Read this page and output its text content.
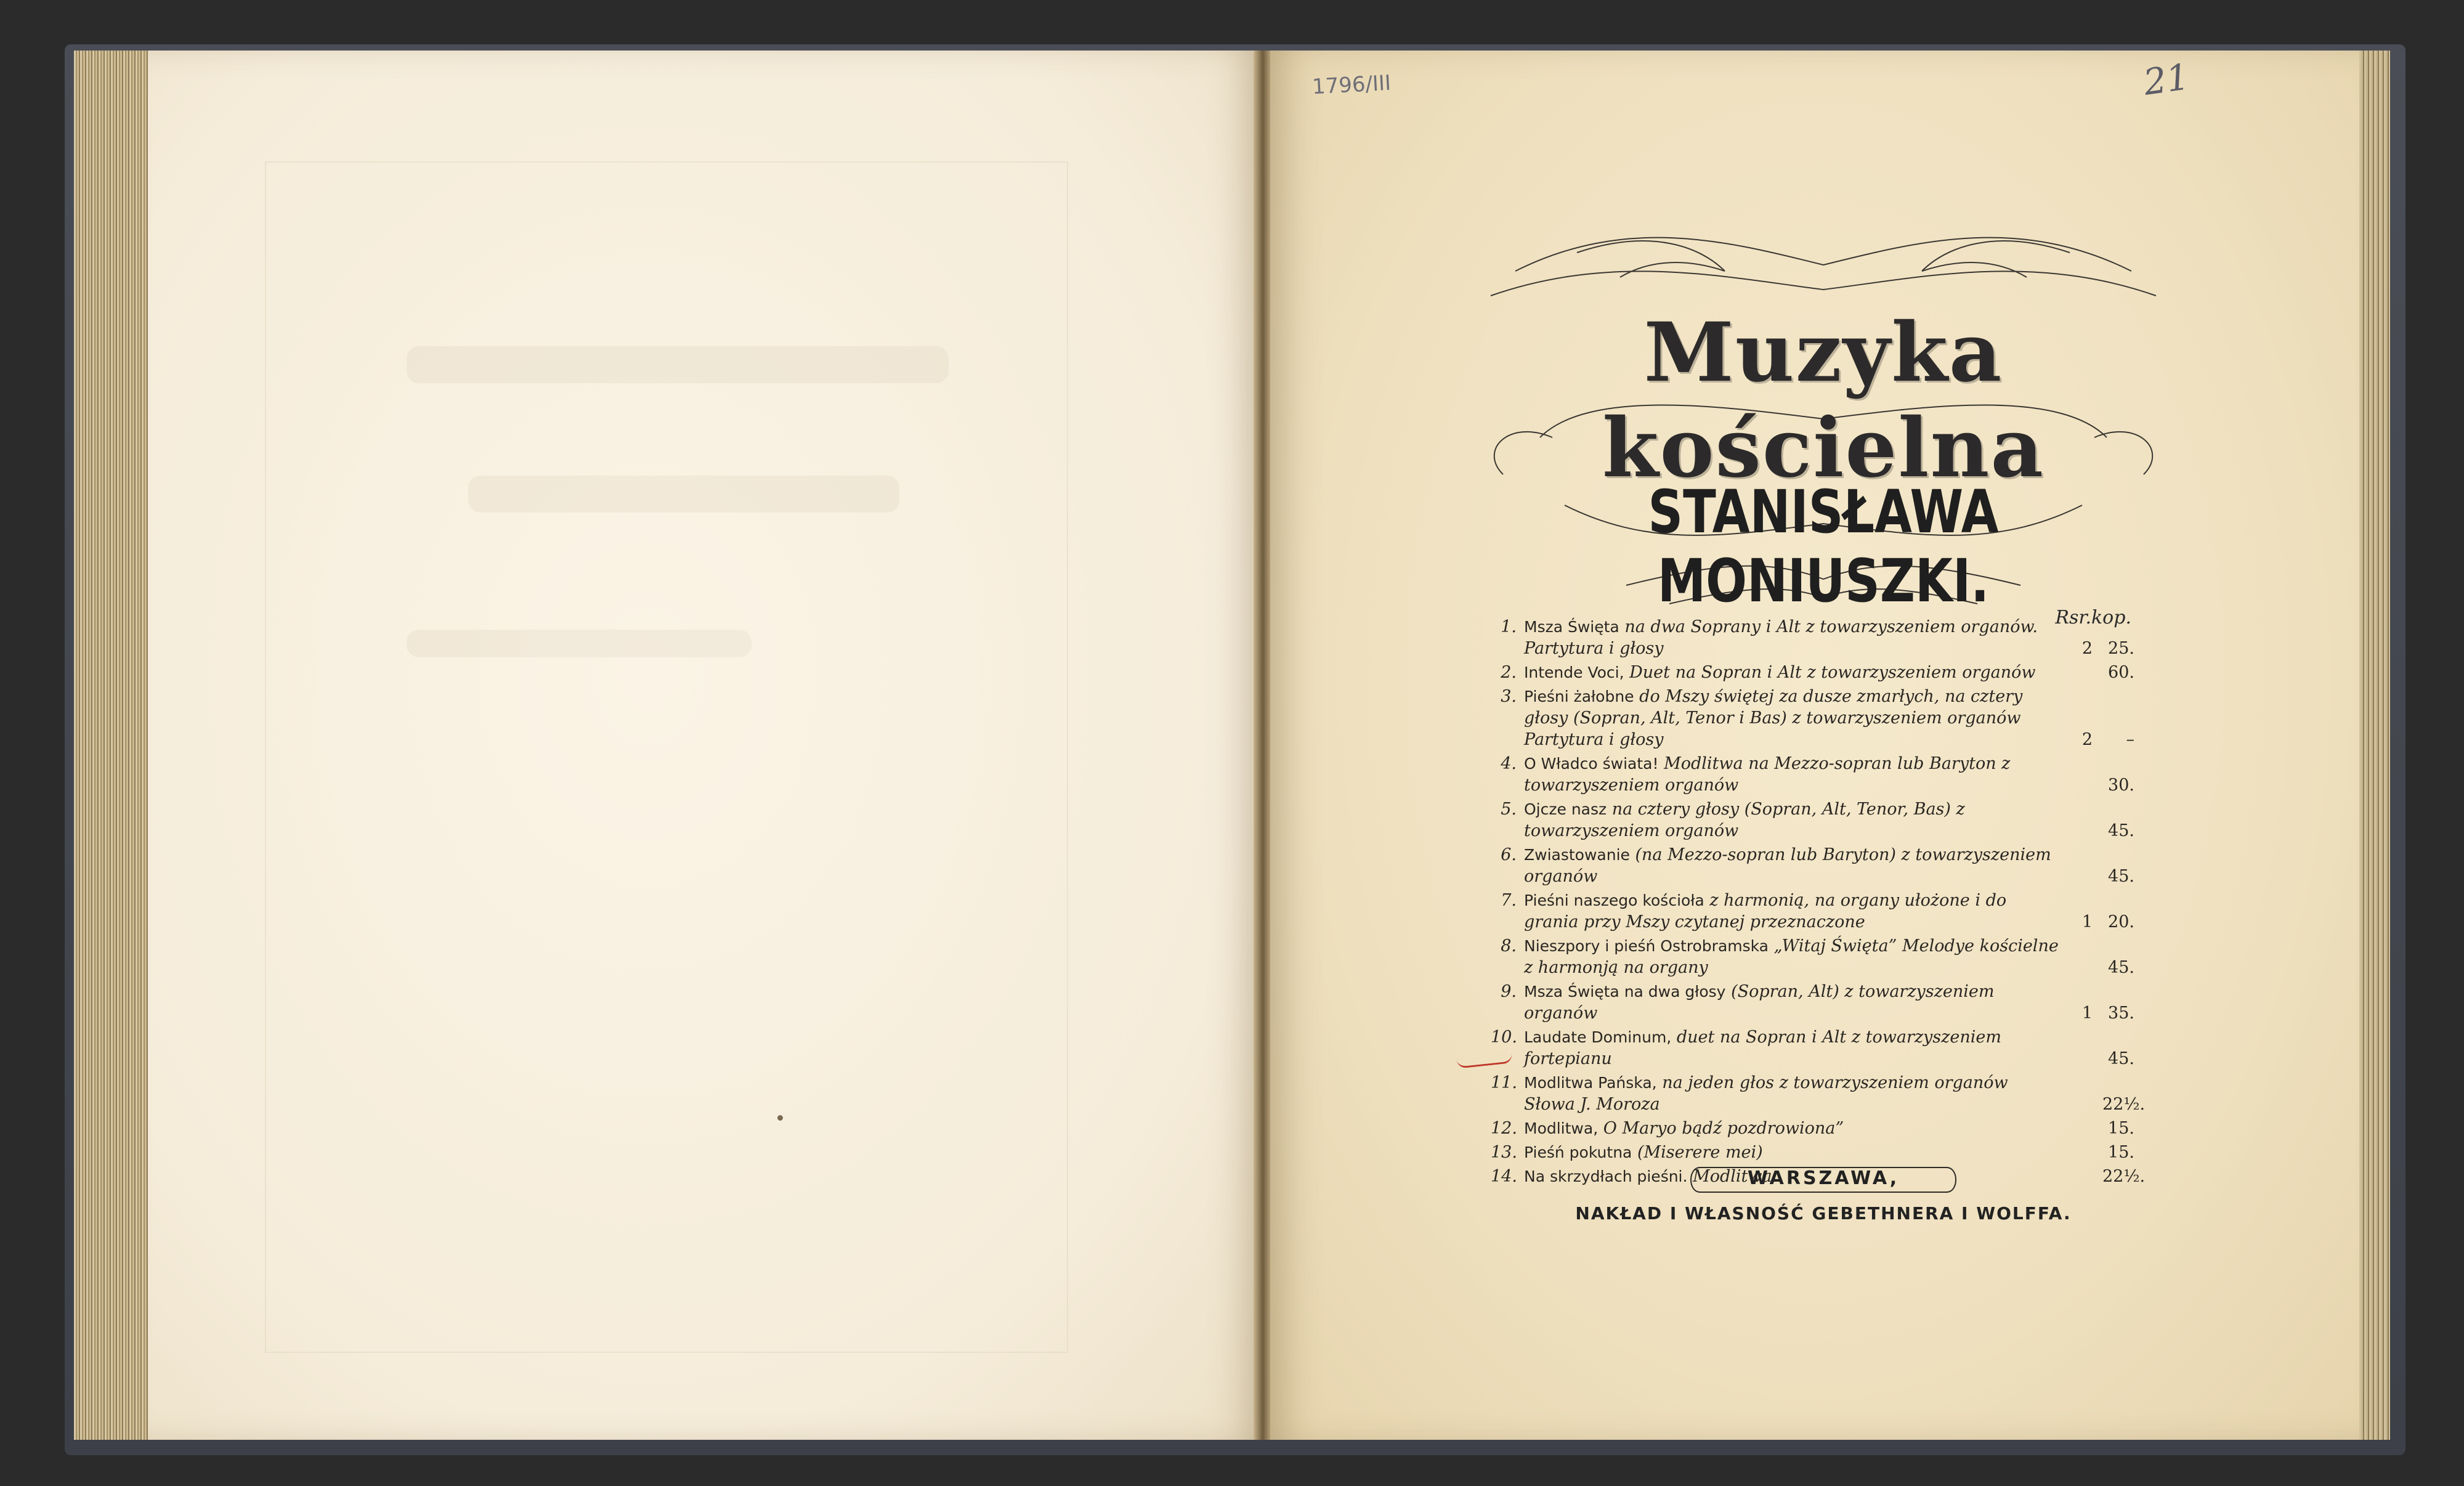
1796/III	21
Muzyka kościelna
STANISŁAWA MONIUSZKI.
Rsr. kop.
1. Msza Święta na dwa Soprany i Alt z towarzyszeniem organów. Partytura i głosy	2 25.
2. Intende Voci, Duet na Sopran i Alt z towarzyszeniem organów	60.
3. Pieśni żałobne do Mszy świętej za dusze zmarłych, na cztery głosy (Sopran, Alt, Tenor i Bas) z towarzyszeniem organów Partytura i głosy	2	–
4. O Władco świata! Modlitwa na Mezzo-sopran lub Baryton z towarzyszeniem organów	30.
5. Ojcze nasz na cztery głosy (Sopran, Alt, Tenor, Bas) z towarzyszeniem organów	45.
6. Zwiastowanie (na Mezzo-sopran lub Baryton) z towarzyszeniem organów	45.
7. Pieśni naszego kościoła z harmonią, na organy ułożone i do grania przy Mszy czytanej przeznaczone	1 20.
8. Nieszpory i pieśń Ostrobramska „Witaj Święta” Melodye kościelne z harmonją na organy	45.
9. Msza Święta na dwa głosy (Sopran, Alt) z towarzyszeniem organów	1 35.
10. Laudate Dominum, duet na Sopran i Alt z towarzyszeniem fortepianu	45.
11. Modlitwa Pańska, na jeden głos z towarzyszeniem organów Słowa J. Moroza	22½.
12. Modlitwa, O Maryo bądź pozdrowiona”	15.
13. Pieśń pokutna (Miserere mei)	15.
14. Na skrzydłach pieśni. Modlitwa	22½.
WARSZAWA,
NAKŁAD I WŁASNOŚĆ GEBETHNERA I WOLFFA.
